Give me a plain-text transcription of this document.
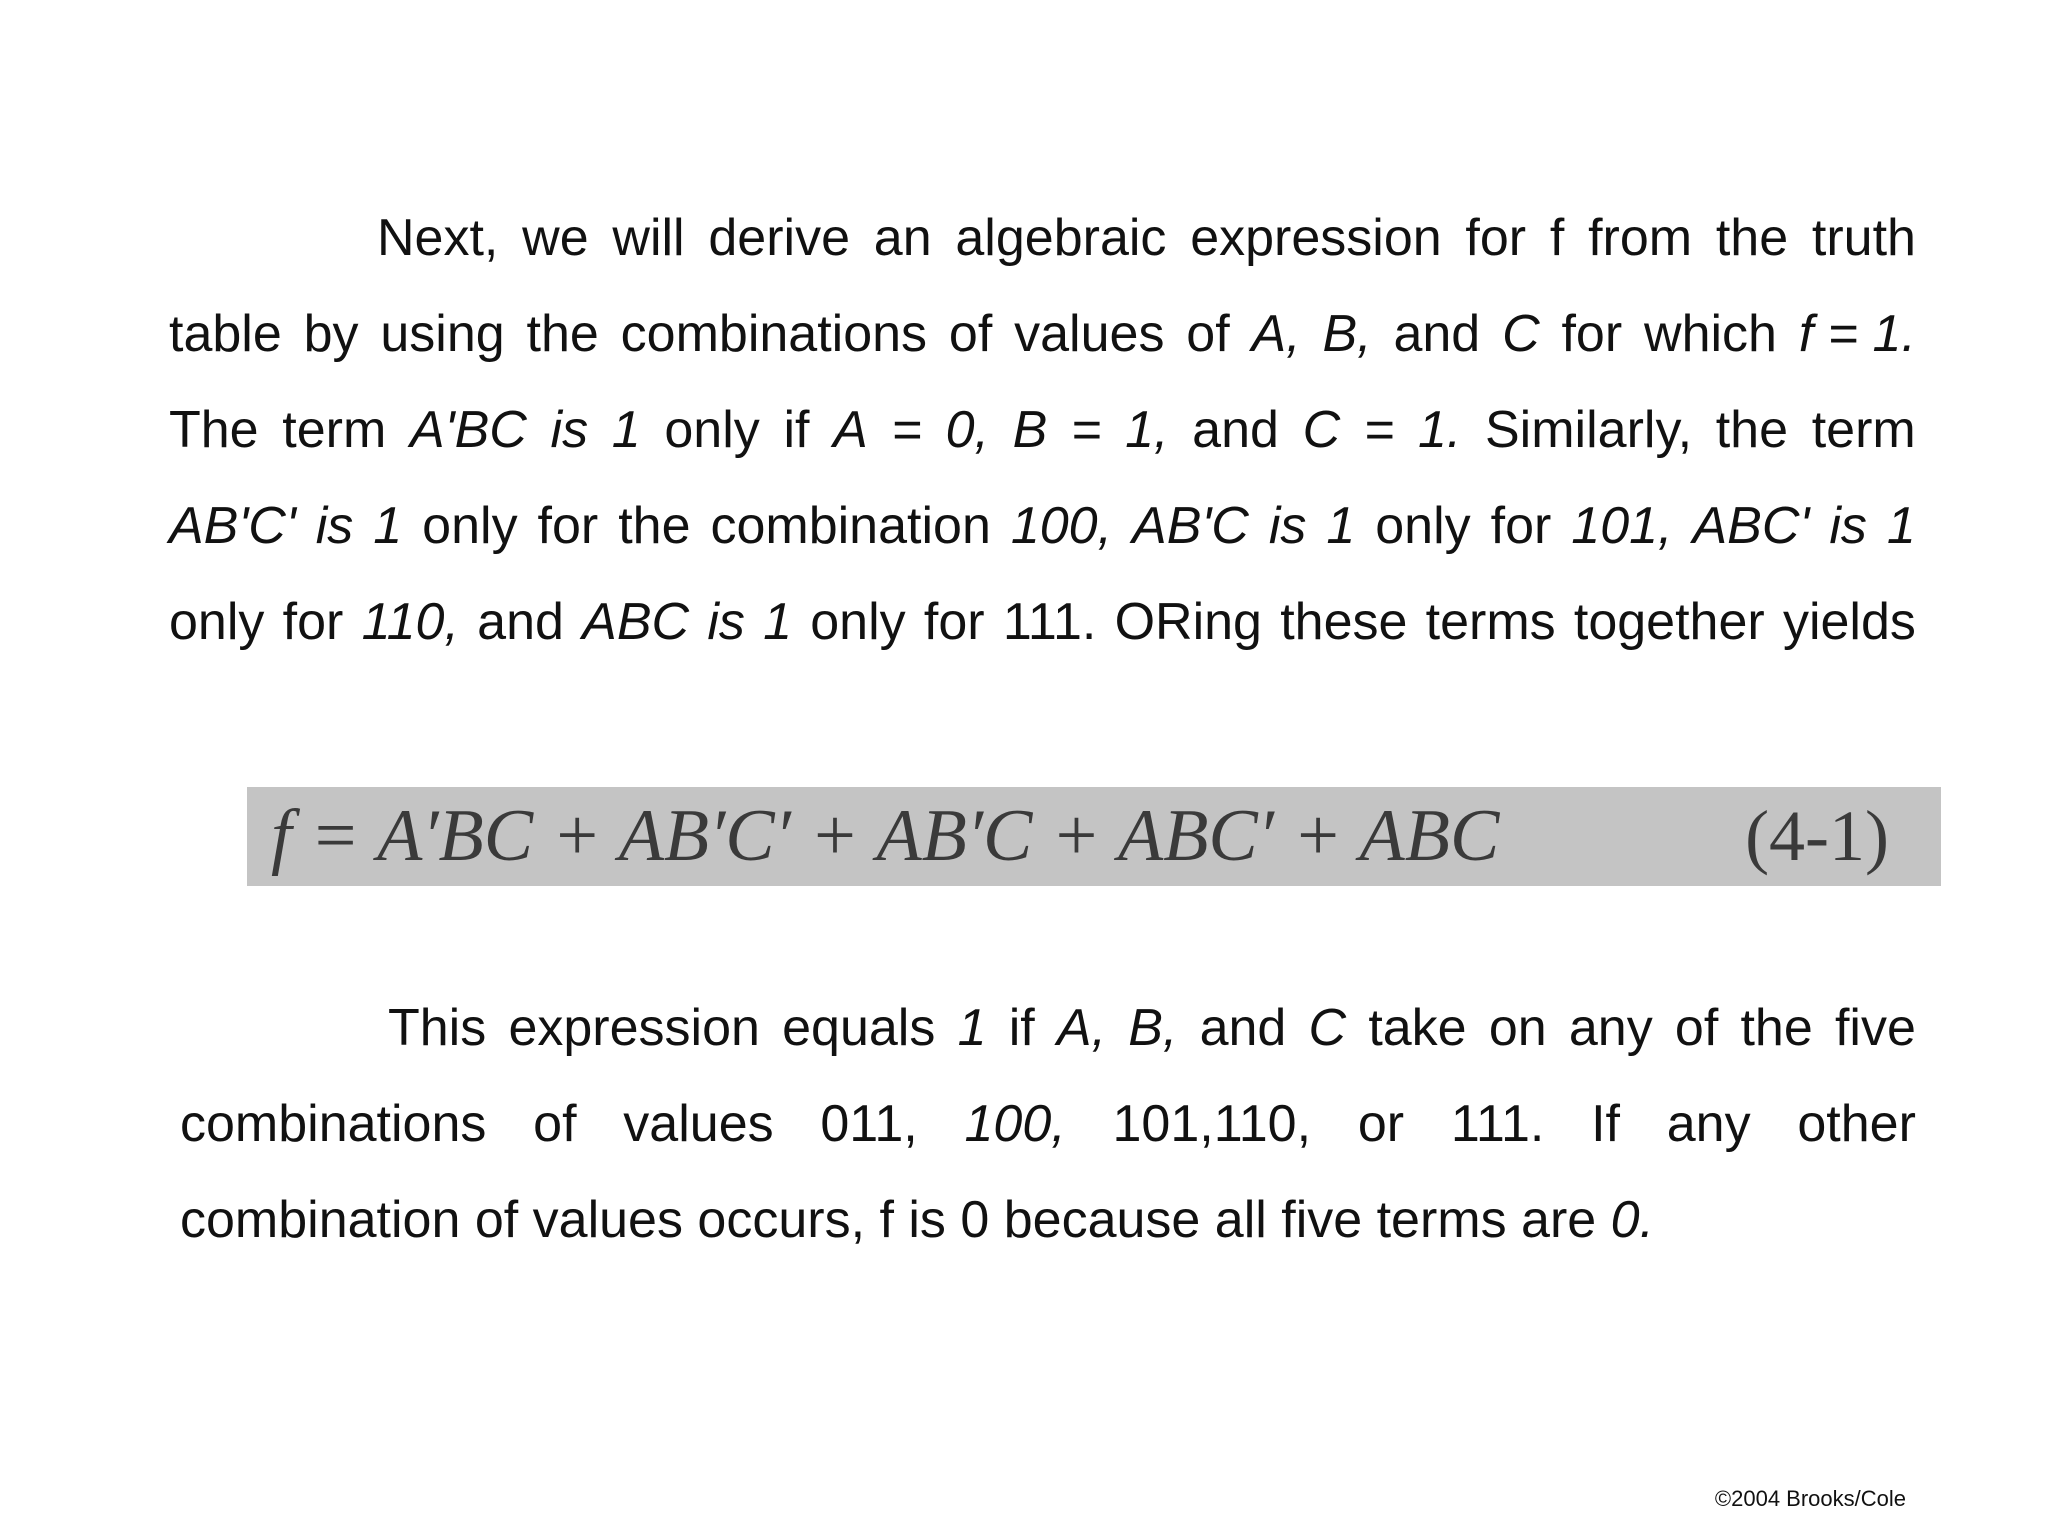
Next, we will derive an algebraic expression for f from the truth
table by using the combinations of values of A, B, and C for which f = 1.
The term A'BC is 1 only if A = 0, B = 1, and C = 1. Similarly, the term
AB'C' is 1 only for the combination 100, AB'C is 1 only for 101, ABC' is 1
only for 110, and ABC is 1 only for 111. ORing these terms together yields
f = A′BC + AB′C′ + AB′C + ABC′ + ABC	(4-1)
This expression equals 1 if A, B, and C take on any of the five
combinations of values 011, 100, 101,110, or 111. If any other
combination of values occurs, f is 0 because all five terms are 0.
©2004 Brooks/Cole
